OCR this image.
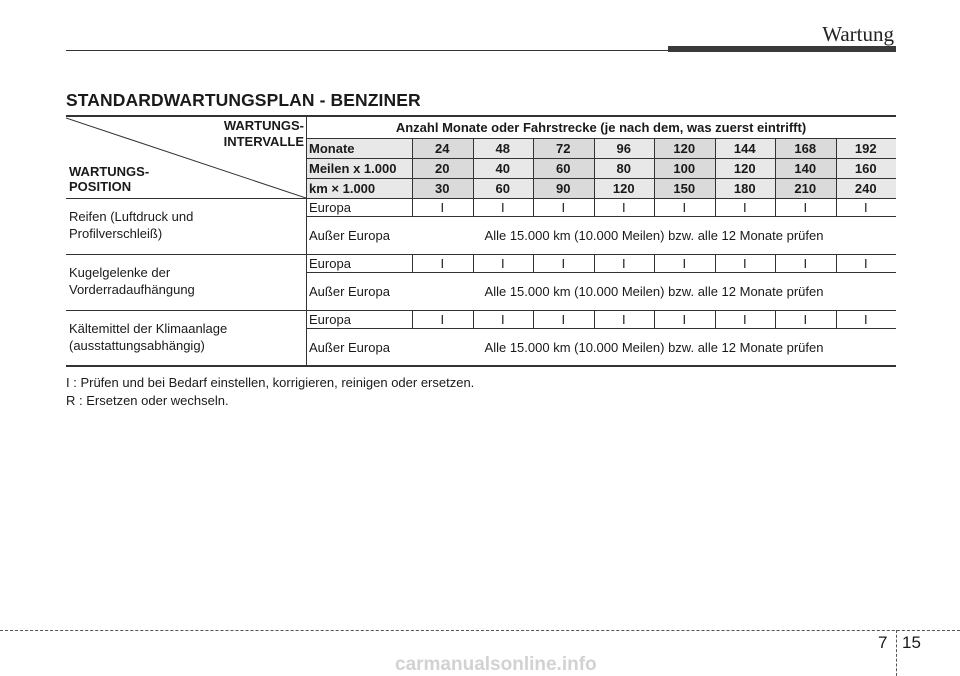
Wartung
STANDARDWARTUNGSPLAN - BENZINER
WARTUNGS-
INTERVALLE
WARTUNGS-
POSITION
Anzahl Monate oder Fahrstrecke (je nach dem, was zuerst eintrifft)
Monate	24	48	72	96	120	144	168	192
Meilen x 1.000	20	40	60	80	100	120	140	160
km × 1.000	30	60	90	120	150	180	210	240
Reifen (Luftdruck und
Profilverschleiß)
Europa	I	I	I	I	I	I	I	I
Außer Europa	Alle 15.000 km (10.000 Meilen) bzw. alle 12 Monate prüfen
Kugelgelenke der
Vorderradaufhängung
Europa	I	I	I	I	I	I	I	I
Außer Europa	Alle 15.000 km (10.000 Meilen) bzw. alle 12 Monate prüfen
Kältemittel der Klimaanlage
(ausstattungsabhängig)
Europa	I	I	I	I	I	I	I	I
Außer Europa	Alle 15.000 km (10.000 Meilen) bzw. alle 12 Monate prüfen
I : Prüfen und bei Bedarf einstellen, korrigieren, reinigen oder ersetzen.
R : Ersetzen oder wechseln.
7 15
carmanualsonline.info
